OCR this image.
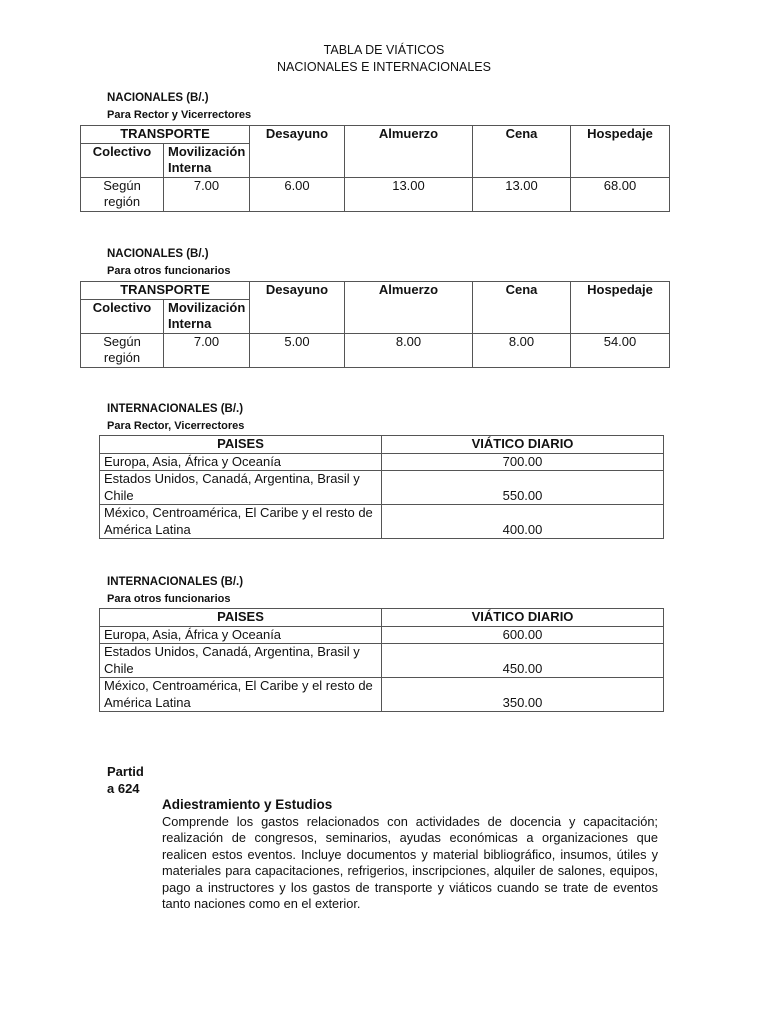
TABLA DE VIÁTICOS
NACIONALES E INTERNACIONALES
NACIONALES (B/.)
Para Rector y Vicerrectores
TRANSPORTE		Desayuno	Almuerzo	Cena	Hospedaje
Colectivo	Movilización Interna				
Según región	7.00	6.00	13.00	13.00	68.00
NACIONALES (B/.)
Para otros funcionarios
TRANSPORTE		Desayuno	Almuerzo	Cena	Hospedaje
Colectivo	Movilización Interna				
Según región	7.00	5.00	8.00	8.00	54.00
INTERNACIONALES (B/.)
Para Rector, Vicerrectores
PAISES	VIÁTICO DIARIO
Europa, Asia, África y Oceanía	700.00
Estados Unidos, Canadá, Argentina, Brasil y Chile	550.00
México, Centroamérica, El Caribe y el resto de América Latina	400.00
INTERNACIONALES (B/.)
Para otros funcionarios
PAISES	VIÁTICO DIARIO
Europa, Asia, África y Oceanía	600.00
Estados Unidos, Canadá, Argentina, Brasil y Chile	450.00
México, Centroamérica, El Caribe y el resto de América Latina	350.00
Partida 624
Adiestramiento y Estudios
Comprende los gastos relacionados con actividades de docencia y capacitación; realización de congresos, seminarios, ayudas económicas a organizaciones que realicen estos eventos. Incluye documentos y material bibliográfico, insumos, útiles y materiales para capacitaciones, refrigerios, inscripciones, alquiler de salones, equipos, pago a instructores y los gastos de transporte y viáticos cuando se trate de eventos tanto naciones como en el exterior.
